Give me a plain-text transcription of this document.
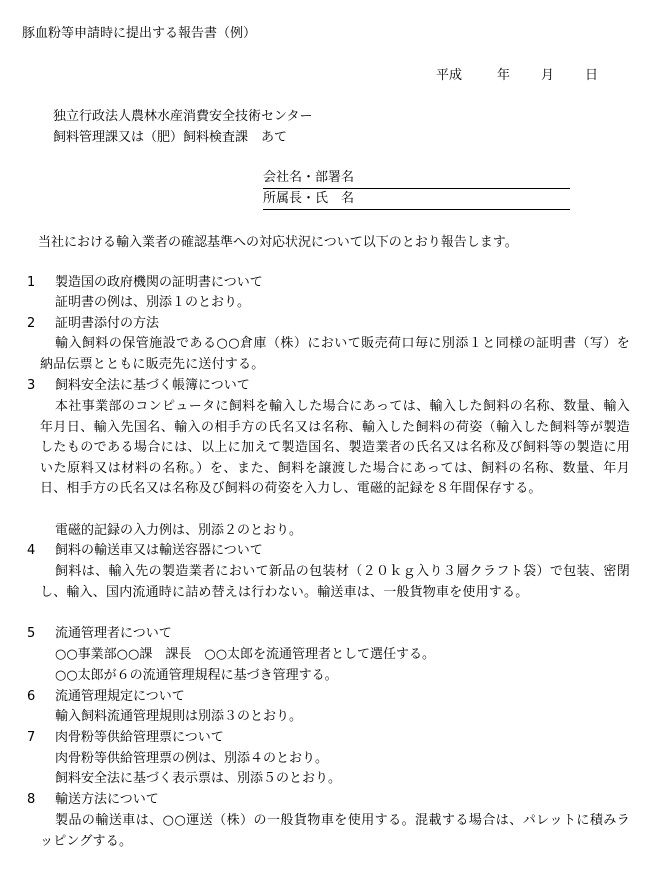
豚血粉等申請時に提出する報告書（例）
平成	年 月 日
独立行政法人農林水産消費安全技術センター
飼料管理課又は（肥）飼料検査課　あて
会社名・部署名
所属長・氏　名
当社における輸入業者の確認基準への対応状況について以下のとおり報告します。
1 製造国の政府機関の証明書について
証明書の例は、別添１のとおり。
2 証明書添付の方法
輸入飼料の保管施設である○○倉庫（株）において販売荷口毎に別添１と同様の証明書（写）を納品伝票とともに販売先に送付する。
3 飼料安全法に基づく帳簿について
本社事業部のコンピュータに飼料を輸入した場合にあっては、輸入した飼料の名称、数量、輸入年月日、輸入先国名、輸入の相手方の氏名又は名称、輸入した飼料の荷姿（輸入した飼料等が製造したものである場合には、以上に加えて製造国名、製造業者の氏名又は名称及び飼料等の製造に用いた原料又は材料の名称。）を、また、飼料を譲渡した場合にあっては、飼料の名称、数量、年月日、相手方の氏名又は名称及び飼料の荷姿を入力し、電磁的記録を８年間保存する。
電磁的記録の入力例は、別添２のとおり。
4 飼料の輸送車又は輸送容器について
飼料は、輸入先の製造業者において新品の包装材（２０ｋｇ入り３層クラフト袋）で包装、密閉し、輸入、国内流通時に詰め替えは行わない。輸送車は、一般貨物車を使用する。
5 流通管理者について
○○事業部○○課　課長　○○太郎を流通管理者として選任する。
○○太郎が６の流通管理規程に基づき管理する。
6 流通管理規定について
輸入飼料流通管理規則は別添３のとおり。
7 肉骨粉等供給管理票について
肉骨粉等供給管理票の例は、別添４のとおり。
飼料安全法に基づく表示票は、別添５のとおり。
8 輸送方法について
製品の輸送車は、○○運送（株）の一般貨物車を使用する。混載する場合は、パレットに積みラッピングする。
